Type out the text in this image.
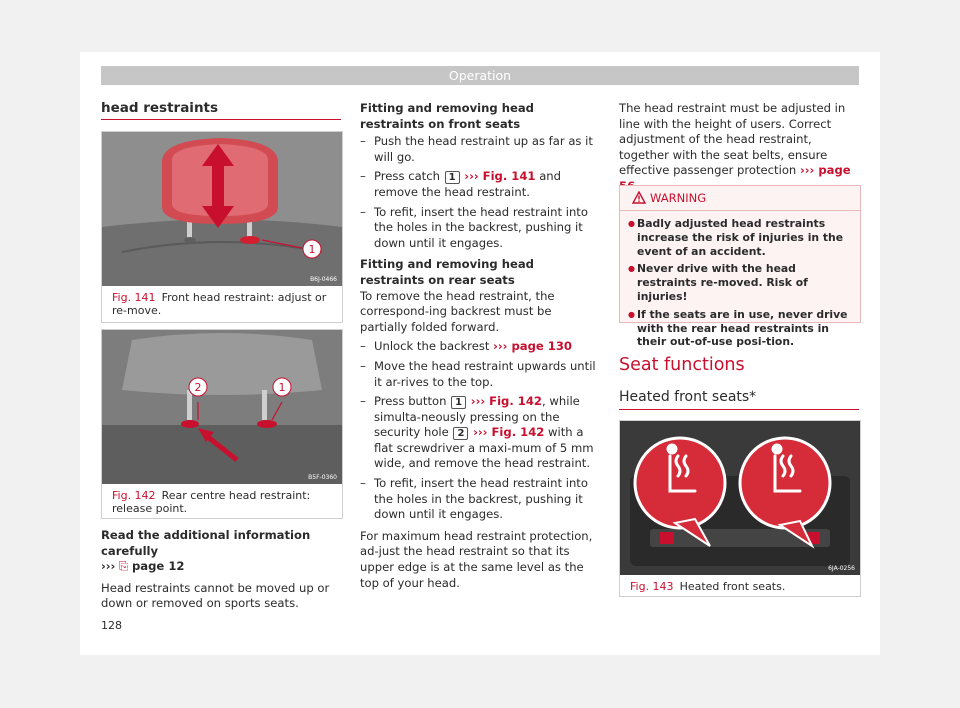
Operation
head restraints
1
B6J-0466
Fig. 141 Front head restraint: adjust or re-move.
2	1
B5F-0360
Fig. 142 Rear centre head restraint: release point.

Read the additional information carefully

››› ⎘ page 12

Head restraints cannot be moved up or down or removed on sports seats.

Fitting and removing head restraints on front seats

– Push the head restraint up as far as it will go.
– Press catch 1 ››› Fig. 141 and remove the head restraint.
– To refit, insert the head restraint into the holes in the backrest, pushing it down until it engages.

Fitting and removing head restraints on rear seats

To remove the head restraint, the correspond-ing backrest must be partially folded forward.

– Unlock the backrest ››› page 130
– Move the head restraint upwards until it ar-rives to the top.
– Press button 1 ››› Fig. 142, while simulta-neously pressing on the security hole 2 ››› Fig. 142 with a flat screwdriver a maxi-mum of 5 mm wide, and remove the head restraint.
– To refit, insert the head restraint into the holes in the backrest, pushing it down until it engages.

For maximum head restraint protection, ad-just the head restraint so that its upper edge is at the same level as the top of your head.

The head restraint must be adjusted in line with the height of users. Correct adjustment of the head restraint, together with the seat belts, ensure effective passenger protection ››› page

WARNING
● Badly adjusted head restraints increase the risk of injuries in the event of an accident.
● Never drive with the head restraints re-moved. Risk of injuries!
● If the seats are in use, never drive with the rear head restraints in their out-of-use posi-tion.
Seat functions
Heated front seats*
6JA-0256
Fig. 143 Heated front seats.
128
